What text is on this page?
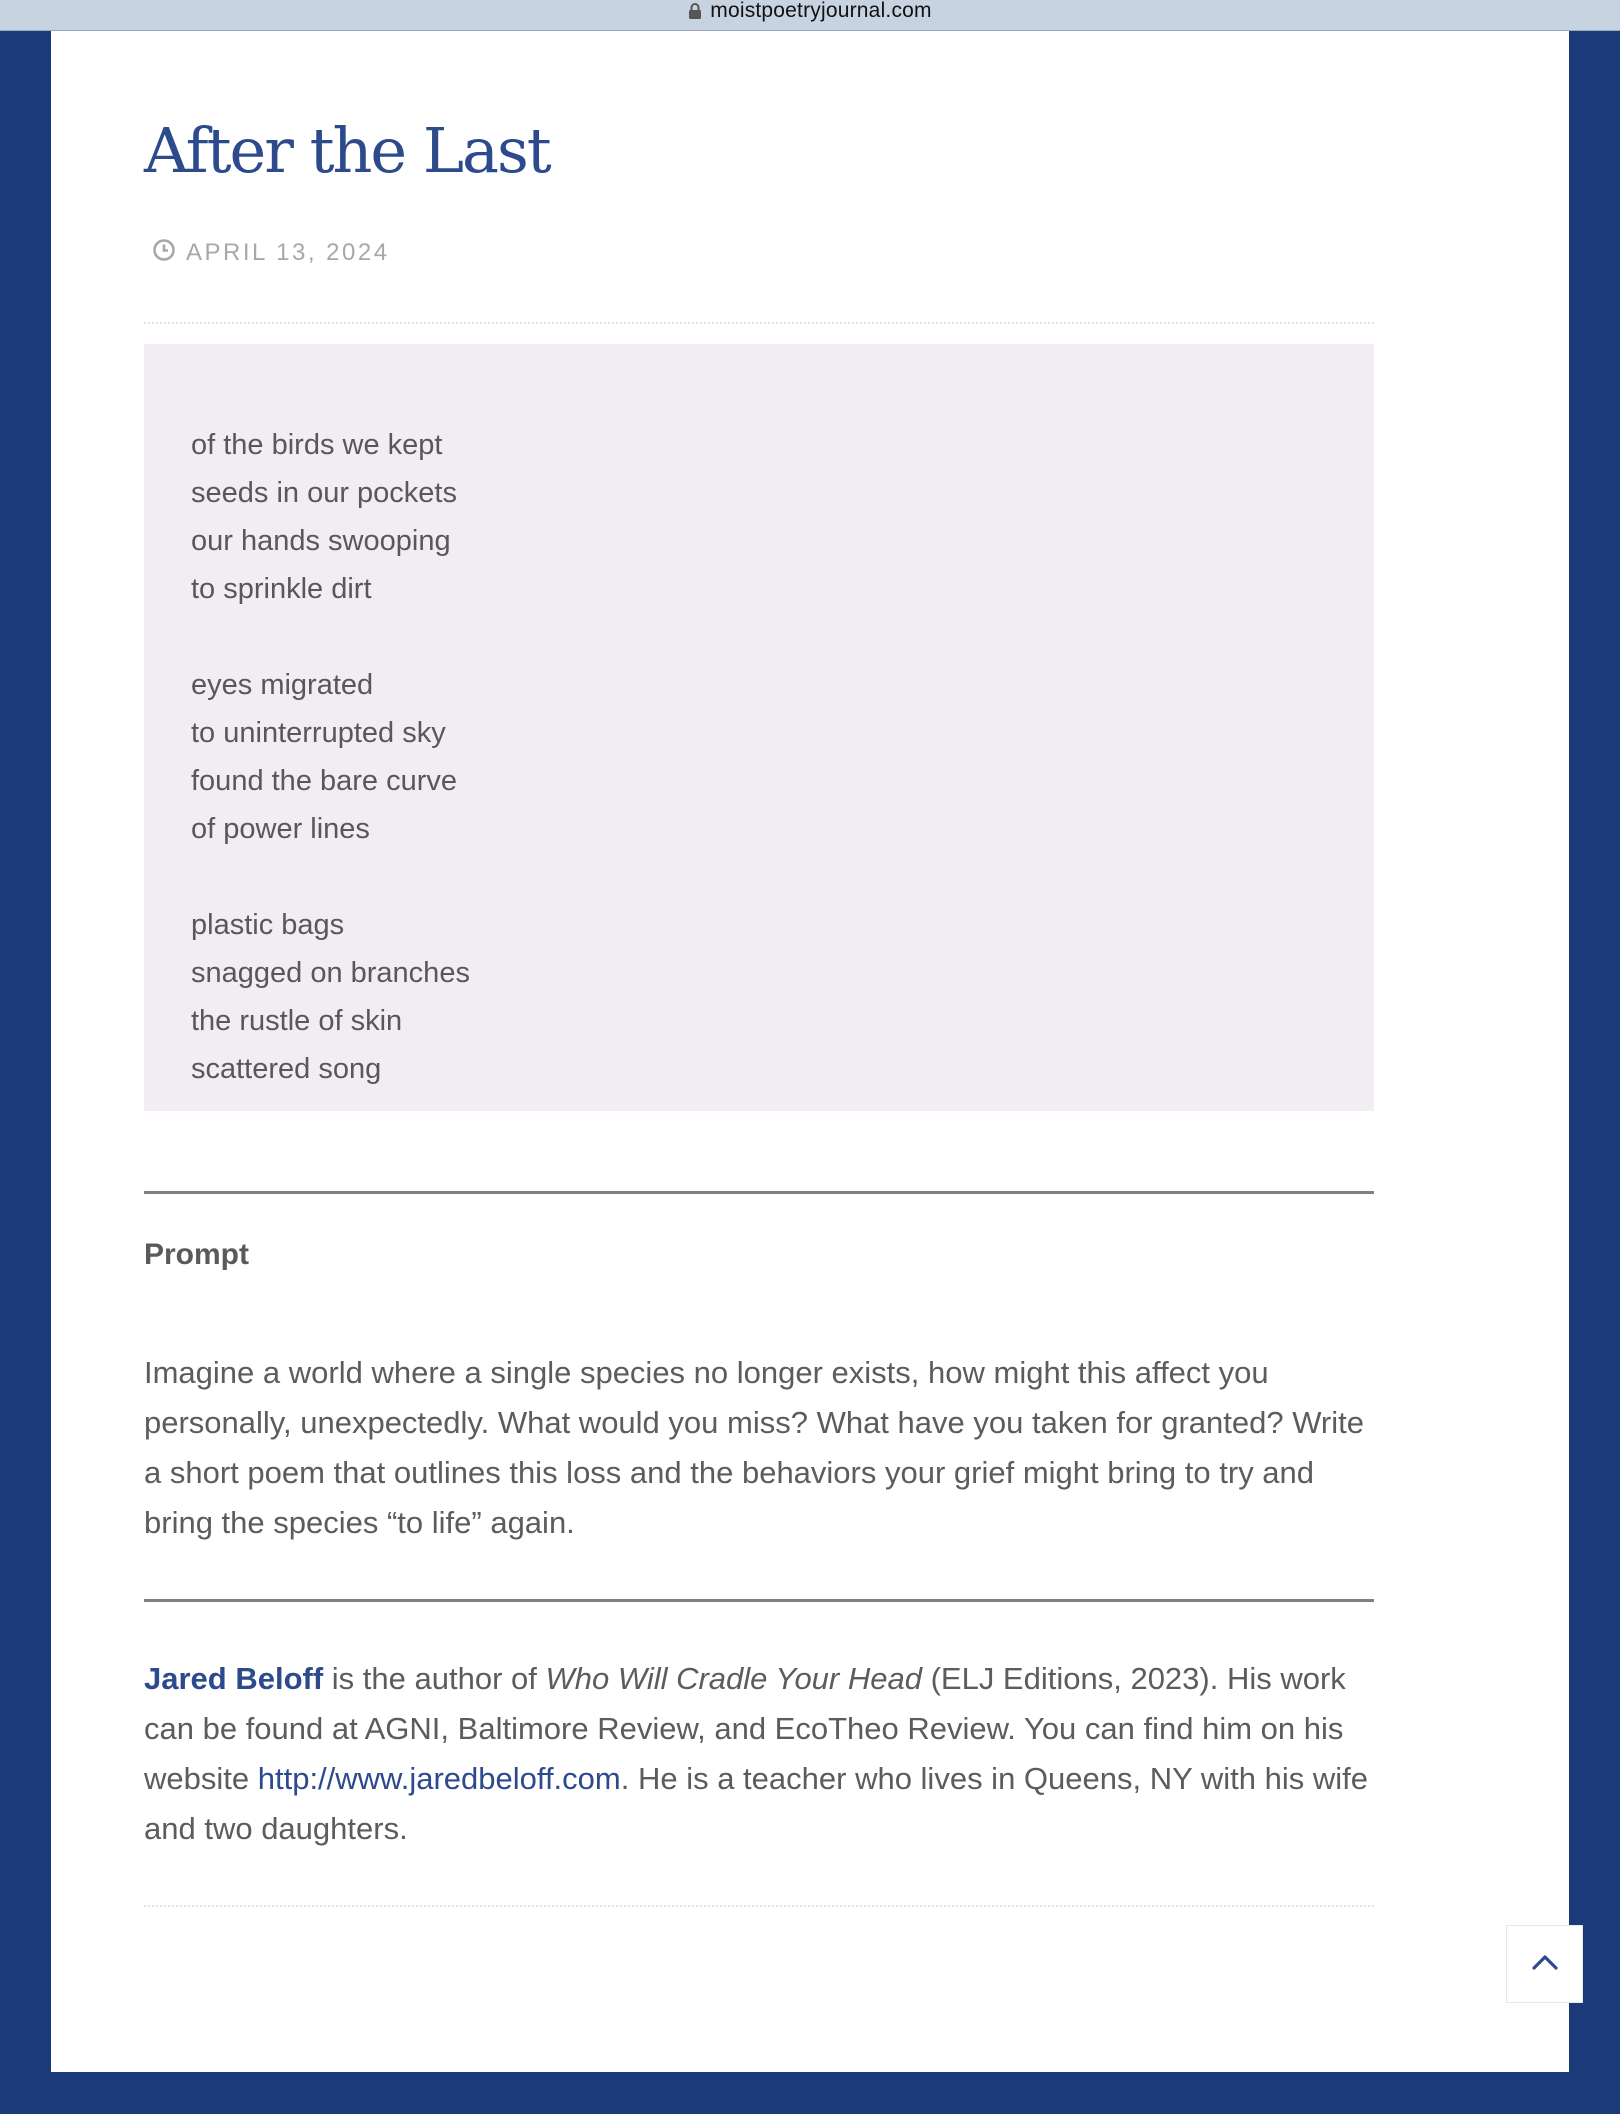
moistpoetryjournal.com
After the Last
APRIL 13, 2024
of the birds we kept
seeds in our pockets
our hands swooping
to sprinkle dirt
eyes migrated
to uninterrupted sky
found the bare curve
of power lines
plastic bags
snagged on branches
the rustle of skin
scattered song
Prompt

Imagine a world where a single species no longer exists, how might this affect you personally, unexpectedly. What would you miss? What have you taken for granted? Write a short poem that outlines this loss and the behaviors your grief might bring to try and bring the species “to life” again.

Jared Beloff is the author of Who Will Cradle Your Head (ELJ Editions, 2023). His work can be found at AGNI, Baltimore Review, and EcoTheo Review. You can find him on his website http://www.jaredbeloff.com. He is a teacher who lives in Queens, NY with his wife and two daughters.
